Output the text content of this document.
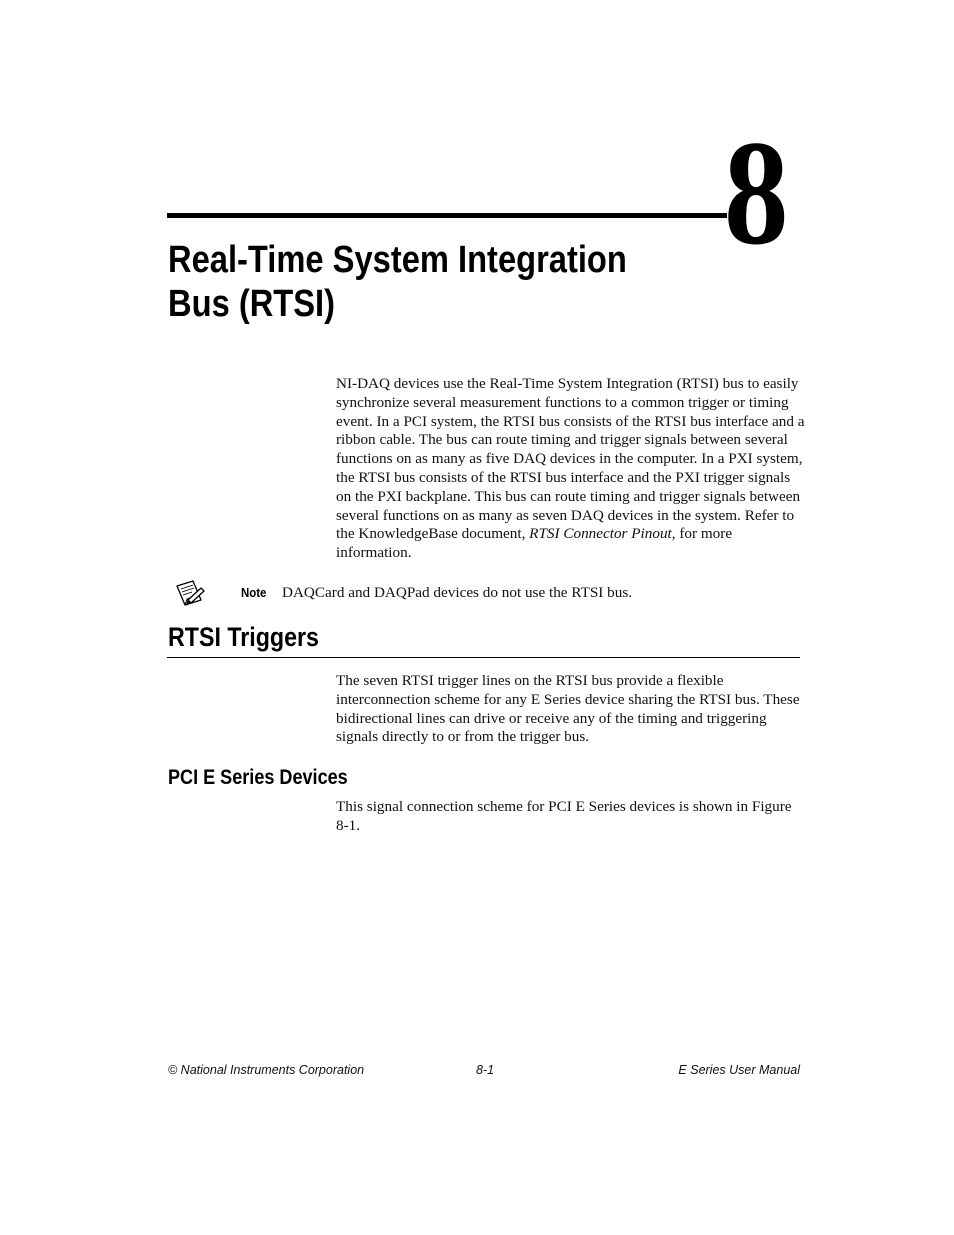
8
Real-Time System Integration
Bus (RTSI)

NI-DAQ devices use the Real-Time System Integration (RTSI) bus to easily synchronize several measurement functions to a common trigger or timing event. In a PCI system, the RTSI bus consists of the RTSI bus interface and a ribbon cable. The bus can route timing and trigger signals between several functions on as many as five DAQ devices in the computer. In a PXI system, the RTSI bus consists of the RTSI bus interface and the PXI trigger signals on the PXI backplane. This bus can route timing and trigger signals between several functions on as many as seven DAQ devices in the system. Refer to the KnowledgeBase document, RTSI Connector Pinout, for more information.

Note DAQCard and DAQPad devices do not use the RTSI bus.
RTSI Triggers

The seven RTSI trigger lines on the RTSI bus provide a flexible interconnection scheme for any E Series device sharing the RTSI bus. These bidirectional lines can drive or receive any of the timing and triggering signals directly to or from the trigger bus.

PCI E Series Devices

This signal connection scheme for PCI E Series devices is shown in Figure 8-1.

© National Instruments Corporation	8-1	E Series User Manual
